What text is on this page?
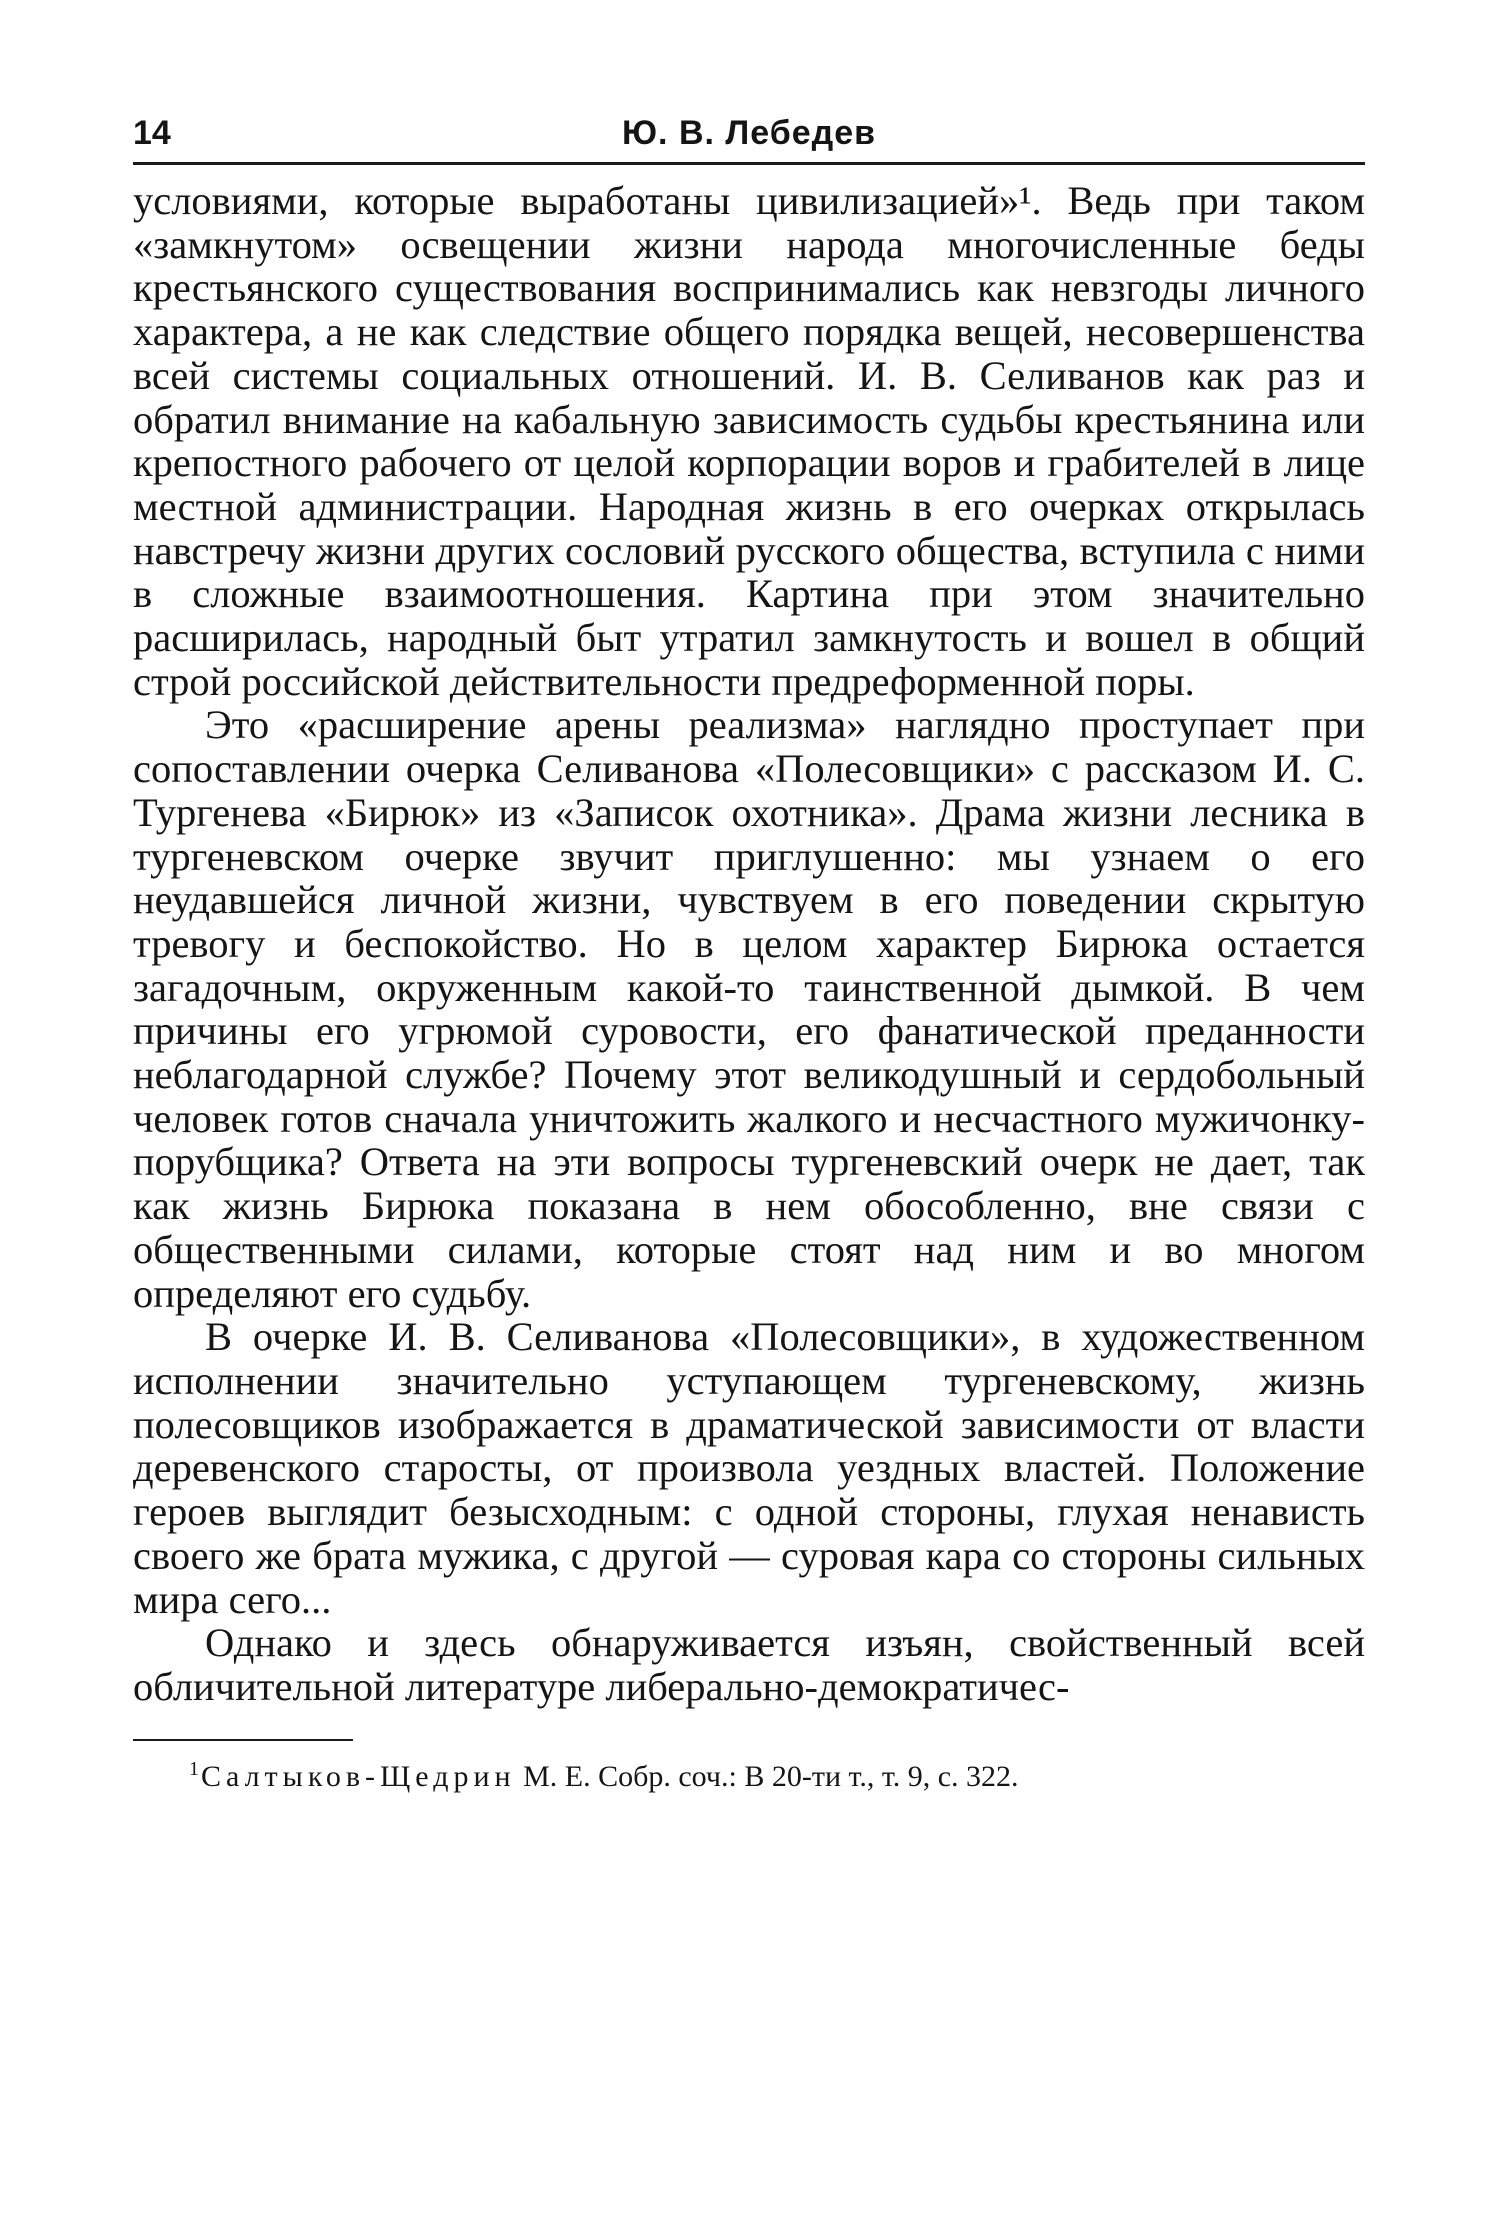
14	Ю. В. Лебедев

условиями, которые выработаны цивилизацией»¹. Ведь при таком «замкнутом» освещении жизни народа многочисленные беды крестьянского существования воспринимались как невзгоды личного характера, а не как следствие общего порядка вещей, несовершенства всей системы социальных отношений. И. В. Селиванов как раз и обратил внимание на кабальную зависимость судьбы крестьянина или крепостного рабочего от целой корпорации воров и грабителей в лице местной администрации. Народная жизнь в его очерках открылась навстречу жизни других сословий русского общества, вступила с ними в сложные взаимоотношения. Картина при этом значительно расширилась, народный быт утратил замкнутость и вошел в общий строй российской действительности предреформенной поры.

Это «расширение арены реализма» наглядно проступает при сопоставлении очерка Селиванова «Полесовщики» с рассказом И. С. Тургенева «Бирюк» из «Записок охотника». Драма жизни лесника в тургеневском очерке звучит приглушенно: мы узнаем о его неудавшейся личной жизни, чувствуем в его поведении скрытую тревогу и беспокойство. Но в целом характер Бирюка остается загадочным, окруженным какой-то таинственной дымкой. В чем причины его угрюмой суровости, его фанатической преданности неблагодарной службе? Почему этот великодушный и сердобольный человек готов сначала уничтожить жалкого и несчастного мужичонку-порубщика? Ответа на эти вопросы тургеневский очерк не дает, так как жизнь Бирюка показана в нем обособленно, вне связи с общественными силами, которые стоят над ним и во многом определяют его судьбу.

В очерке И. В. Селиванова «Полесовщики», в художественном исполнении значительно уступающем тургеневскому, жизнь полесовщиков изображается в драматической зависимости от власти деревенского старосты, от произвола уездных властей. Положение героев выглядит безысходным: с одной стороны, глухая ненависть своего же брата мужика, с другой — суровая кара со стороны сильных мира сего...

Однако и здесь обнаруживается изъян, свойственный всей обличительной литературе либерально-демократичес-

1 Салтыков-Щедрин М. Е. Собр. соч.: В 20-ти т., т. 9, с. 322.
